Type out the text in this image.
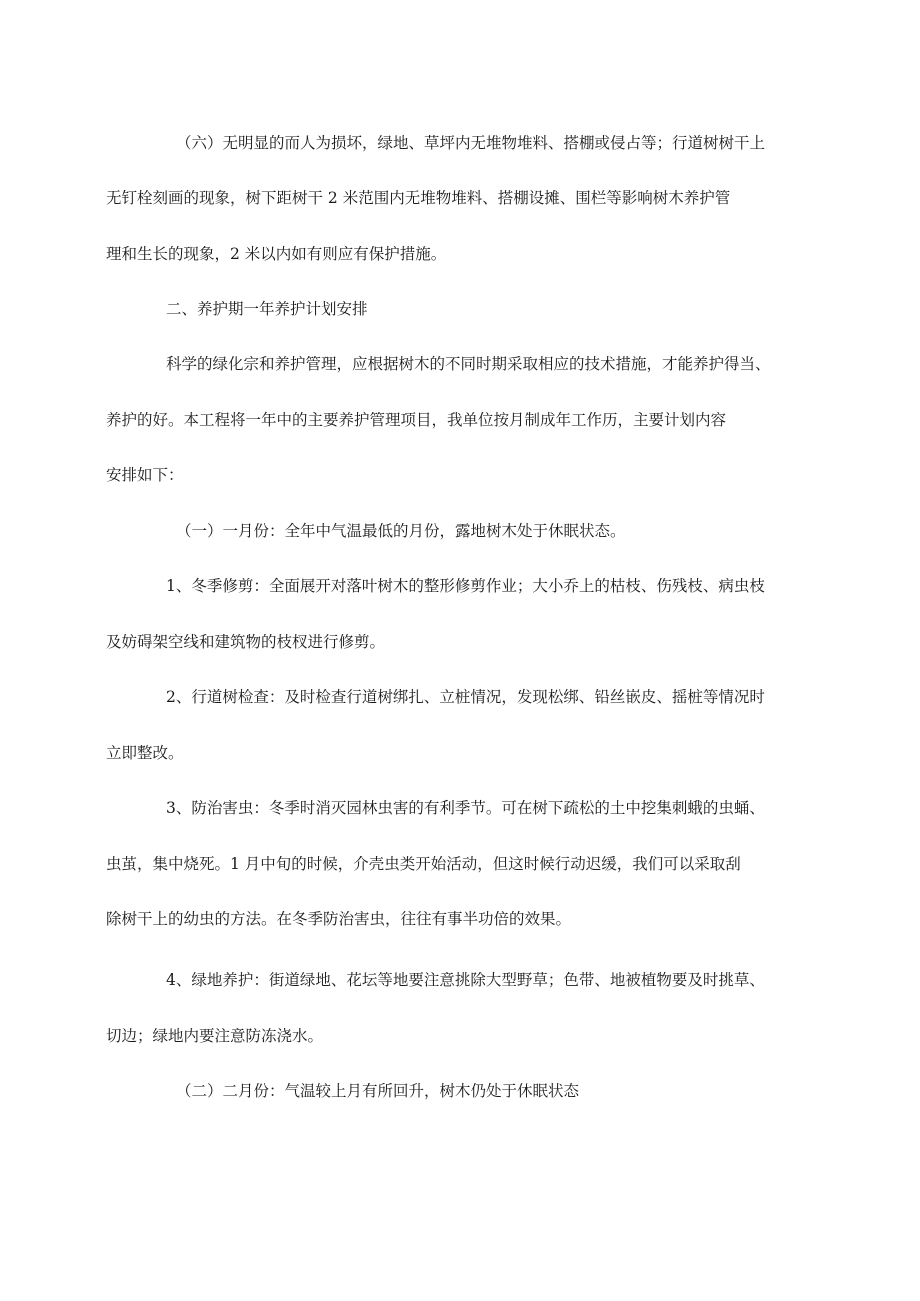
（六）无明显的而人为损坏，绿地、草坪内无堆物堆料、搭棚或侵占等；行道树树干上
无钉栓刻画的现象，树下距树干 2 米范围内无堆物堆料、搭棚设摊、围栏等影响树木养护管
理和生长的现象，2 米以内如有则应有保护措施。
二、养护期一年养护计划安排
科学的绿化宗和养护管理，应根据树木的不同时期采取相应的技术措施，才能养护得当、
养护的好。本工程将一年中的主要养护管理项目，我单位按月制成年工作历，主要计划内容
安排如下：
（一）一月份：全年中气温最低的月份，露地树木处于休眠状态。
1、冬季修剪：全面展开对落叶树木的整形修剪作业；大小乔上的枯枝、伤残枝、病虫枝
及妨碍架空线和建筑物的枝杈进行修剪。
2、行道树检查：及时检查行道树绑扎、立桩情况，发现松绑、铅丝嵌皮、摇桩等情况时
立即整改。
3、防治害虫：冬季时消灭园林虫害的有利季节。可在树下疏松的土中挖集刺蛾的虫蛹、
虫茧，集中烧死。1 月中旬的时候，介壳虫类开始活动，但这时候行动迟缓，我们可以采取刮
除树干上的幼虫的方法。在冬季防治害虫，往往有事半功倍的效果。
4、绿地养护：街道绿地、花坛等地要注意挑除大型野草；色带、地被植物要及时挑草、
切边；绿地内要注意防冻浇水。
（二）二月份：气温较上月有所回升，树木仍处于休眠状态
